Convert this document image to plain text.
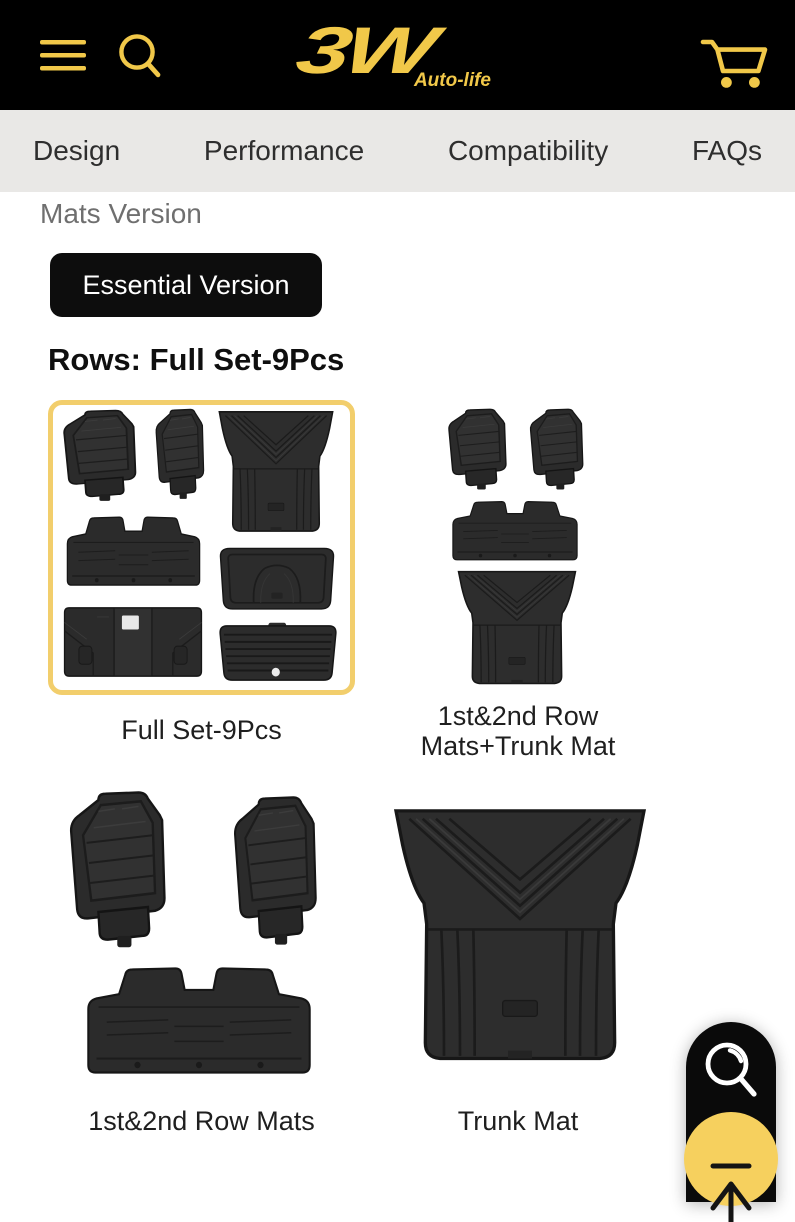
3W
Auto-life
Design	Performance	Compatibility	FAQs
Mats Version
Essential Version
Rows: Full Set-9Pcs
Full Set-9Pcs	1st&2nd Row Mats+Trunk Mat
1st&2nd Row Mats	Trunk Mat
